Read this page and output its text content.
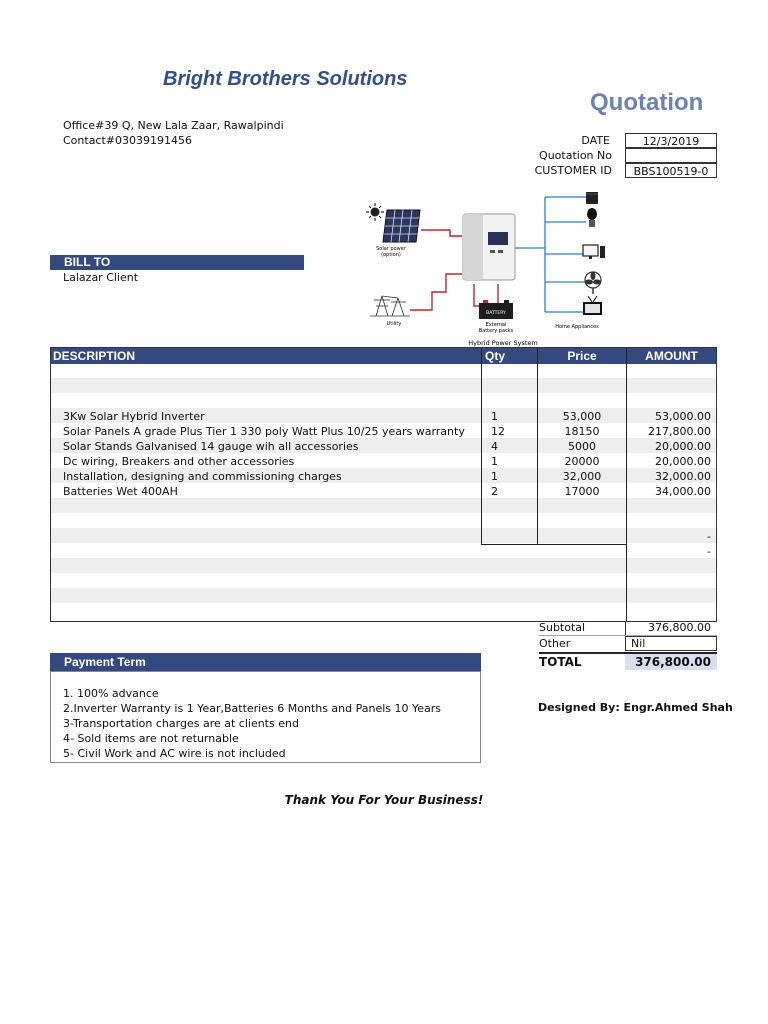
Bright Brothers Solutions
Quotation
Office#39 Q, New Lala Zaar, Rawalpindi
Contact#03039191456	DATE	12/3/2019
Quotation No
CUSTOMER ID	BBS100519-0
BILL TO
Lalazar Client
Solar power
(option)
Utility
BATTERY
External
Battery packs
Hybrid Power System
Home Appliances
DESCRIPTION	Qty	Price	AMOUNT
3Kw Solar Hybrid Inverter	1	53,000	53,000.00
Solar Panels A grade Plus Tier 1 330 poly Watt Plus 10/25 years warranty	12	18150	217,800.00
Solar Stands Galvanised 14 gauge wih all accessories	4	5000	20,000.00
Dc wiring, Breakers and other accessories	1	20000	20,000.00
Installation, designing and commissioning charges	1	32,000	32,000.00
Batteries Wet 400AH	2	17000	34,000.00
-
-
Subtotal	376,800.00
Other	Nil
TOTAL	376,800.00
Payment Term
1. 100% advance
2.Inverter Warranty is 1 Year,Batteries 6 Months and Panels 10 Years
3-Transportation charges are at clients end
4- Sold items are not returnable
5- Civil Work and AC wire is not included
Designed By: Engr.Ahmed Shah
Thank You For Your Business!
